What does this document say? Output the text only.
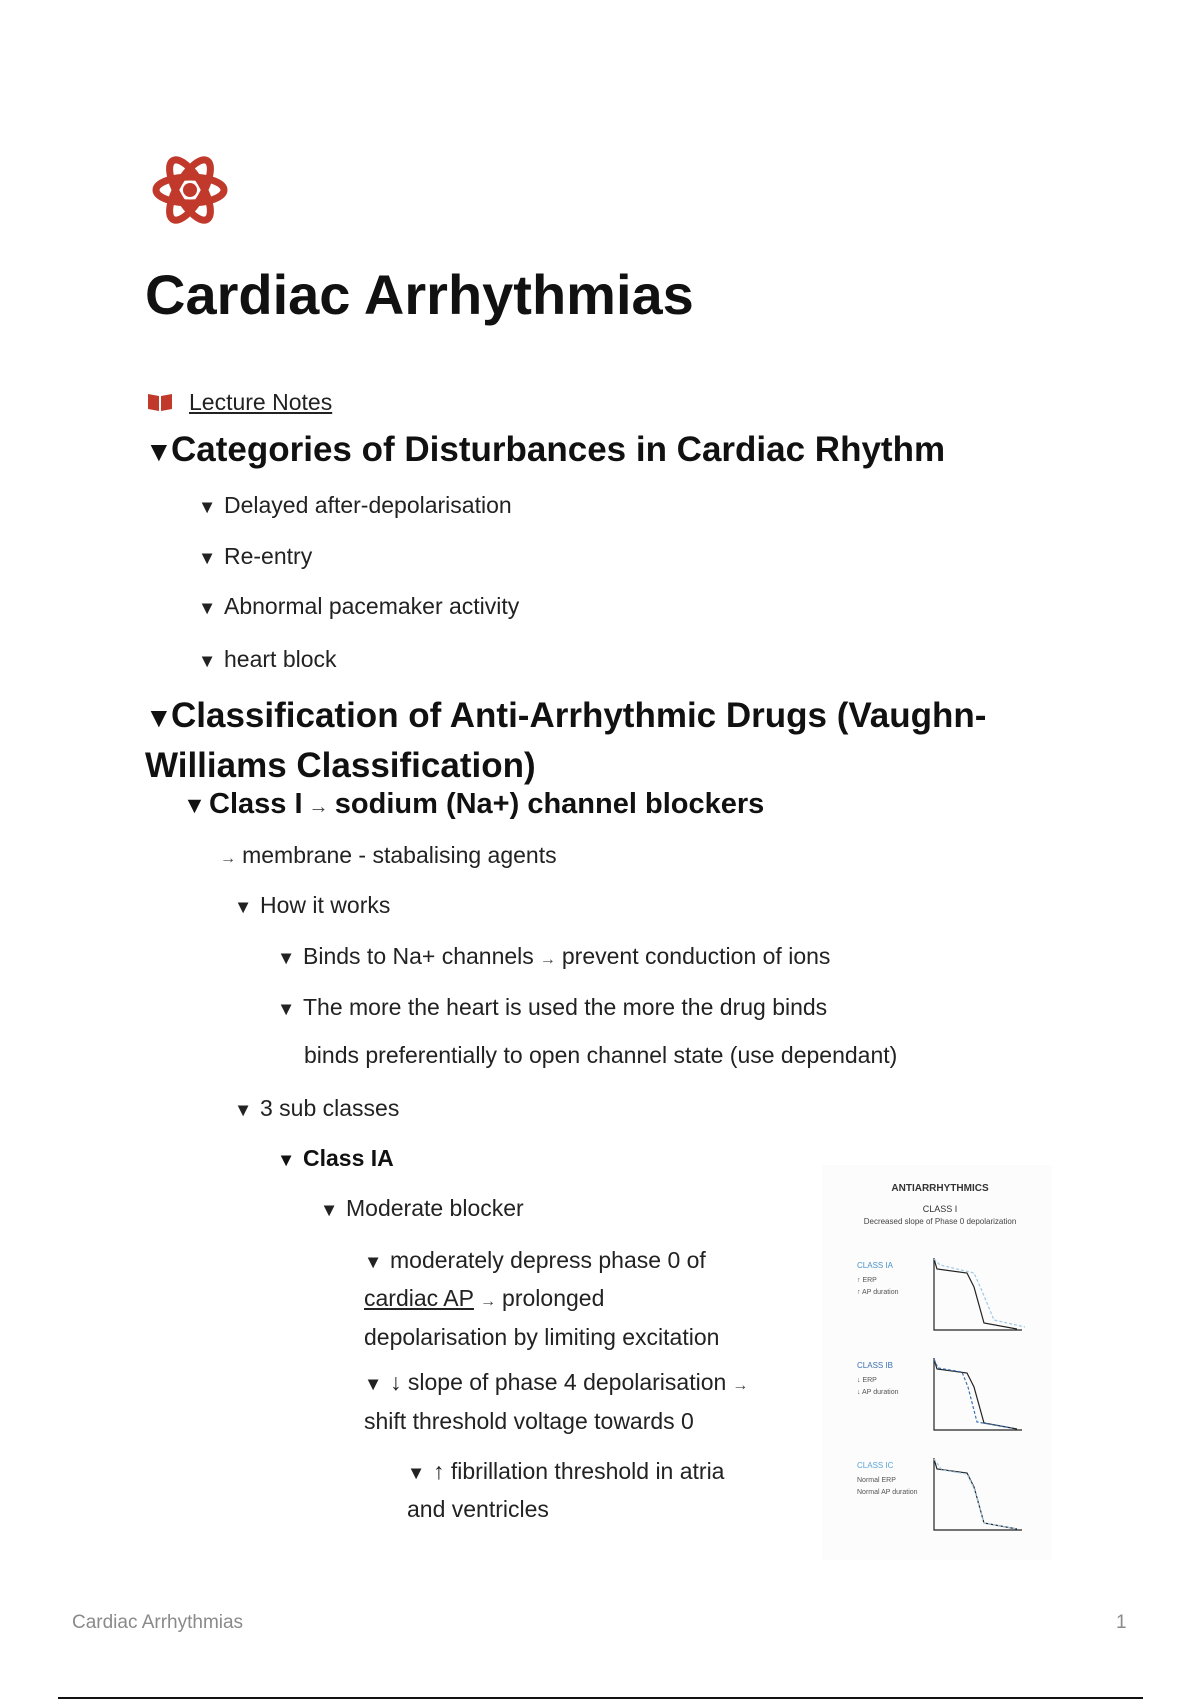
Cardiac Arrhythmias
Lecture Notes
▼Categories of Disturbances in Cardiac Rhythm
▼ Delayed after-depolarisation
▼ Re-entry
▼ Abnormal pacemaker activity
▼ heart block
▼Classification of Anti-Arrhythmic Drugs (Vaughn-
Williams Classification)
▼ Class I → sodium (Na+) channel blockers
→ membrane - stabalising agents
▼ How it works
▼ Binds to Na+ channels → prevent conduction of ions
▼ The more the heart is used the more the drug binds
binds preferentially to open channel state (use dependant)
▼ 3 sub classes
▼ Class IA
▼ Moderate blocker
▼ moderately depress phase 0 of
cardiac AP → prolonged
depolarisation by limiting excitation
▼ ↓ slope of phase 4 depolarisation →
shift threshold voltage towards 0
▼ ↑ fibrillation threshold in atria
and ventricles
ANTIARRHYTHMICS
CLASS I
Decreased slope of Phase 0 depolarization
CLASS IA
↑ ERP
↑ AP duration
CLASS IB
↓ ERP
↓ AP duration
CLASS IC
Normal ERP
Normal AP duration
Cardiac Arrhythmias	1
